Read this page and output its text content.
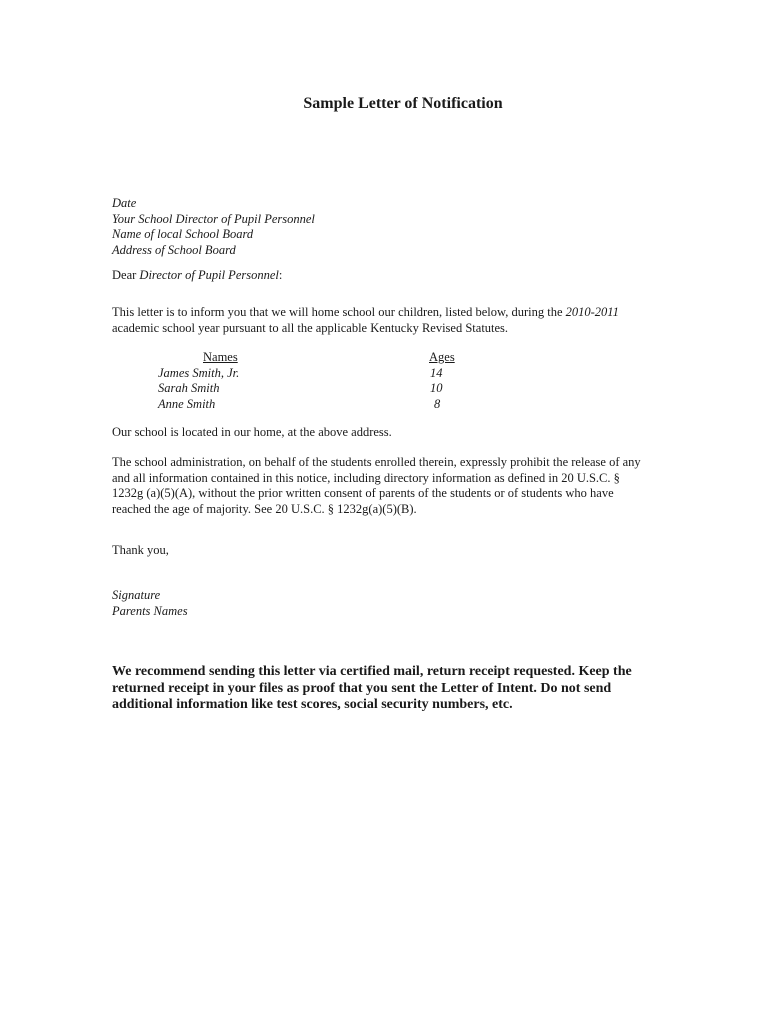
Sample Letter of Notification
Date
Your School Director of Pupil Personnel
Name of local School Board
Address of School Board
Dear Director of Pupil Personnel:
This letter is to inform you that we will home school our children, listed below, during the 2010-2011
academic school year pursuant to all the applicable Kentucky Revised Statutes.
Names	Ages
James Smith, Jr.	14
Sarah Smith	10
Anne Smith	8
Our school is located in our home, at the above address.
The school administration, on behalf of the students enrolled therein, expressly prohibit the release of any
and all information contained in this notice, including directory information as defined in 20 U.S.C. §
1232g (a)(5)(A), without the prior written consent of parents of the students or of students who have
reached the age of majority. See 20 U.S.C. § 1232g(a)(5)(B).
Thank you,
Signature
Parents Names
We recommend sending this letter via certified mail, return receipt requested. Keep the
returned receipt in your files as proof that you sent the Letter of Intent. Do not send
additional information like test scores, social security numbers, etc.
